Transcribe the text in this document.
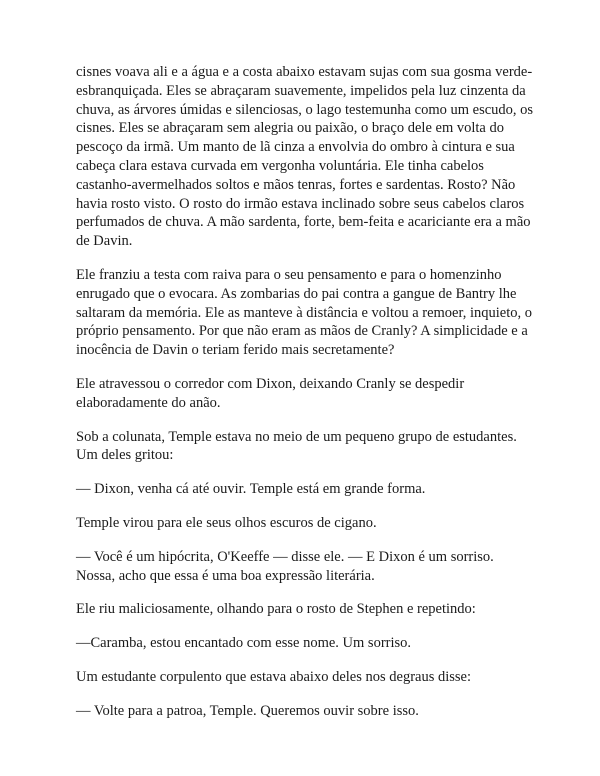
cisnes voava ali e a água e a costa abaixo estavam sujas com sua gosma verde-esbranquiçada. Eles se abraçaram suavemente, impelidos pela luz cinzenta da chuva, as árvores úmidas e silenciosas, o lago testemunha como um escudo, os cisnes. Eles se abraçaram sem alegria ou paixão, o braço dele em volta do pescoço da irmã. Um manto de lã cinza a envolvia do ombro à cintura e sua cabeça clara estava curvada em vergonha voluntária. Ele tinha cabelos castanho-avermelhados soltos e mãos tenras, fortes e sardentas. Rosto? Não havia rosto visto. O rosto do irmão estava inclinado sobre seus cabelos claros perfumados de chuva. A mão sardenta, forte, bem-feita e acariciante era a mão de Davin.

Ele franziu a testa com raiva para o seu pensamento e para o homenzinho enrugado que o evocara. As zombarias do pai contra a gangue de Bantry lhe saltaram da memória. Ele as manteve à distância e voltou a remoer, inquieto, o próprio pensamento. Por que não eram as mãos de Cranly? A simplicidade e a inocência de Davin o teriam ferido mais secretamente?

Ele atravessou o corredor com Dixon, deixando Cranly se despedir elaboradamente do anão.

Sob a colunata, Temple estava no meio de um pequeno grupo de estudantes. Um deles gritou:

— Dixon, venha cá até ouvir. Temple está em grande forma.

Temple virou para ele seus olhos escuros de cigano.

— Você é um hipócrita, O'Keeffe — disse ele. — E Dixon é um sorriso. Nossa, acho que essa é uma boa expressão literária.

Ele riu maliciosamente, olhando para o rosto de Stephen e repetindo:

—Caramba, estou encantado com esse nome. Um sorriso.

Um estudante corpulento que estava abaixo deles nos degraus disse:

— Volte para a patroa, Temple. Queremos ouvir sobre isso.
